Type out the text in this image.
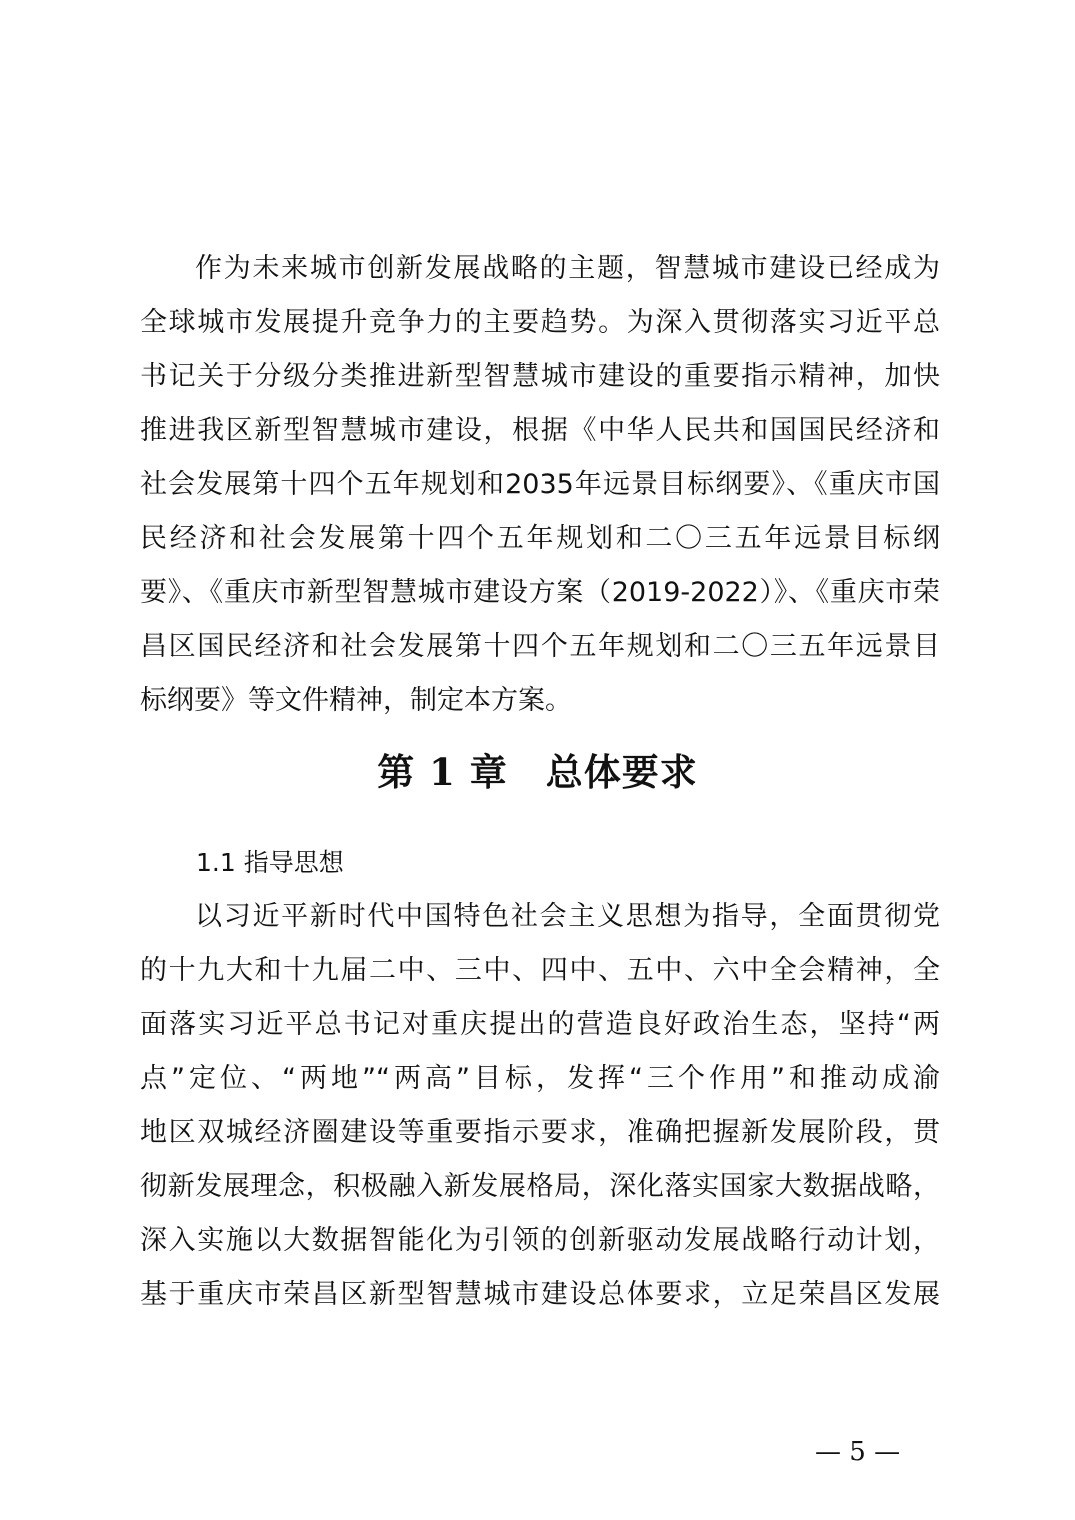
作为未来城市创新发展战略的主题，智慧城市建设已经成为
全球城市发展提升竞争力的主要趋势。为深入贯彻落实习近平总
书记关于分级分类推进新型智慧城市建设的重要指示精神，加快
推进我区新型智慧城市建设，根据《中华人民共和国国民经济和
社会发展第十四个五年规划和2035年远景目标纲要》、《重庆市国
民经济和社会发展第十四个五年规划和二〇三五年远景目标纲
要》、《重庆市新型智慧城市建设方案（2019-2022）》、《重庆市荣
昌区国民经济和社会发展第十四个五年规划和二〇三五年远景目
标纲要》等文件精神，制定本方案。
第 1 章　总体要求
1.1 指导思想
以习近平新时代中国特色社会主义思想为指导，全面贯彻党
的十九大和十九届二中、三中、四中、五中、六中全会精神，全
面落实习近平总书记对重庆提出的营造良好政治生态，坚持“两
点”定位、“两地”“两高”目标，发挥“三个作用”和推动成渝
地区双城经济圈建设等重要指示要求，准确把握新发展阶段，贯
彻新发展理念，积极融入新发展格局，深化落实国家大数据战略，
深入实施以大数据智能化为引领的创新驱动发展战略行动计划，
基于重庆市荣昌区新型智慧城市建设总体要求，立足荣昌区发展
— 5 —
